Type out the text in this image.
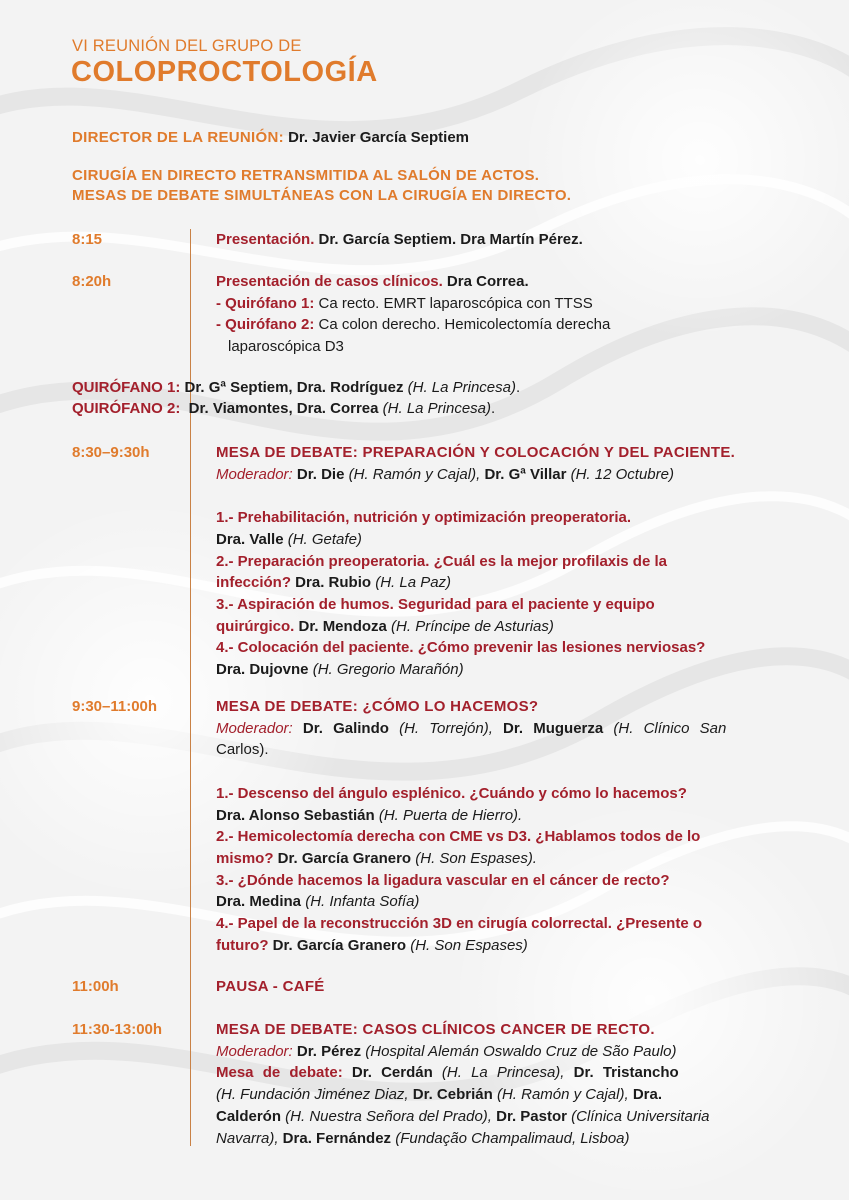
VI REUNIÓN DEL GRUPO DE
COLOPROCTOLOGÍA
DIRECTOR DE LA REUNIÓN: Dr. Javier García Septiem
CIRUGÍA EN DIRECTO RETRANSMITIDA AL SALÓN DE ACTOS.
MESAS DE DEBATE SIMULTÁNEAS CON LA CIRUGÍA EN DIRECTO.
8:15	Presentación. Dr. García Septiem. Dra Martín Pérez.
8:20h	Presentación de casos clínicos. Dra Correa.
- Quirófano 1: Ca recto. EMRT laparoscópica con TTSS
- Quirófano 2: Ca colon derecho. Hemicolectomía derecha
laparoscópica D3
QUIRÓFANO 1: Dr. Gª Septiem, Dra. Rodríguez (H. La Princesa).
QUIRÓFANO 2:  Dr. Viamontes, Dra. Correa (H. La Princesa).
8:30–9:30h	MESA DE DEBATE: PREPARACIÓN Y COLOCACIÓN Y DEL PACIENTE.
Moderador: Dr. Die (H. Ramón y Cajal), Dr. Gª Villar (H. 12 Octubre)
1.- Prehabilitación, nutrición y optimización preoperatoria.
Dra. Valle (H. Getafe)
2.- Preparación preoperatoria. ¿Cuál es la mejor profilaxis de la
infección? Dra. Rubio (H. La Paz)
3.- Aspiración de humos. Seguridad para el paciente y equipo
quirúrgico. Dr. Mendoza (H. Príncipe de Asturias)
4.- Colocación del paciente. ¿Cómo prevenir las lesiones nerviosas?
Dra. Dujovne (H. Gregorio Marañón)
9:30–11:00h	MESA DE DEBATE: ¿CÓMO LO HACEMOS?
Moderador: Dr. Galindo (H. Torrejón), Dr. Muguerza (H. Clínico San
Carlos).
1.- Descenso del ángulo esplénico. ¿Cuándo y cómo lo hacemos?
Dra. Alonso Sebastián (H. Puerta de Hierro).
2.- Hemicolectomía derecha con CME vs D3. ¿Hablamos todos de lo
mismo? Dr. García Granero (H. Son Espases).
3.- ¿Dónde hacemos la ligadura vascular en el cáncer de recto?
Dra. Medina (H. Infanta Sofía)
4.- Papel de la reconstrucción 3D en cirugía colorrectal. ¿Presente o
futuro? Dr. García Granero (H. Son Espases)
11:00h	PAUSA - CAFÉ
11:30-13:00h	MESA DE DEBATE: CASOS CLÍNICOS CANCER DE RECTO.
Moderador: Dr. Pérez (Hospital Alemán Oswaldo Cruz de São Paulo)
Mesa de debate: Dr. Cerdán (H. La Princesa), Dr. Tristancho
(H. Fundación Jiménez Diaz, Dr. Cebrián (H. Ramón y Cajal), Dra.
Calderón (H. Nuestra Señora del Prado), Dr. Pastor (Clínica Universitaria
Navarra), Dra. Fernández (Fundação Champalimaud, Lisboa)
